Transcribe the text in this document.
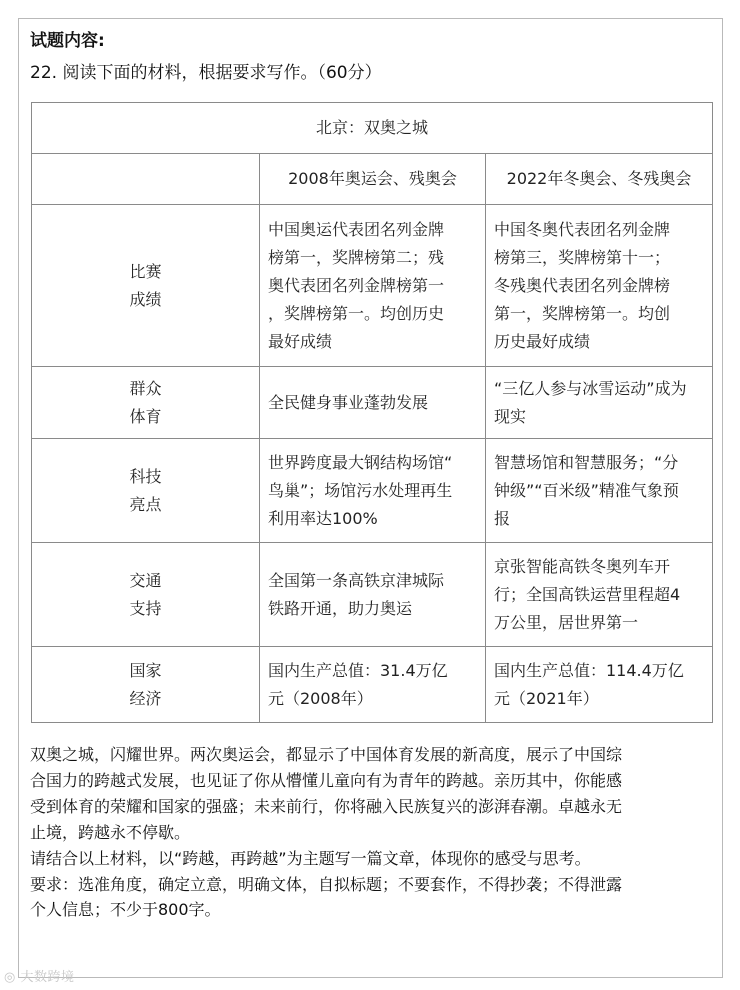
试题内容:
22. 阅读下面的材料，根据要求写作。（60分）
北京：双奥之城		
	2008年奥运会、残奥会	2022年冬奥会、冬残奥会

比赛
成绩	中国奥运代表团名列金牌
榜第一，奖牌榜第二；残
奥代表团名列金牌榜第一
，奖牌榜第一。均创历史
最好成绩	中国冬奥代表团名列金牌
榜第三，奖牌榜第十一；
冬残奥代表团名列金牌榜
第一，奖牌榜第一。均创
历史最好成绩

群众
体育	全民健身事业蓬勃发展	“三亿人参与冰雪运动”成为
现实

科技
亮点	世界跨度最大钢结构场馆“
鸟巢”；场馆污水处理再生
利用率达100%	智慧场馆和智慧服务；“分
钟级”“百米级”精准气象预
报

交通
支持	全国第一条高铁京津城际
铁路开通，助力奥运	京张智能高铁冬奥列车开
行；全国高铁运营里程超4
万公里，居世界第一

国家
经济	国内生产总值：31.4万亿
元（2008年）	国内生产总值：114.4万亿
元（2021年）

双奥之城，闪耀世界。两次奥运会，都显示了中国体育发展的新高度，展示了中国综
合国力的跨越式发展，也见证了你从懵懂儿童向有为青年的跨越。亲历其中，你能感
受到体育的荣耀和国家的强盛；未来前行，你将融入民族复兴的澎湃春潮。卓越永无
止境，跨越永不停歇。

请结合以上材料，以“跨越，再跨越”为主题写一篇文章，体现你的感受与思考。

要求：选准角度，确定立意，明确文体，自拟标题；不要套作，不得抄袭；不得泄露
个人信息；不少于800字。

◎ 大数跨境
